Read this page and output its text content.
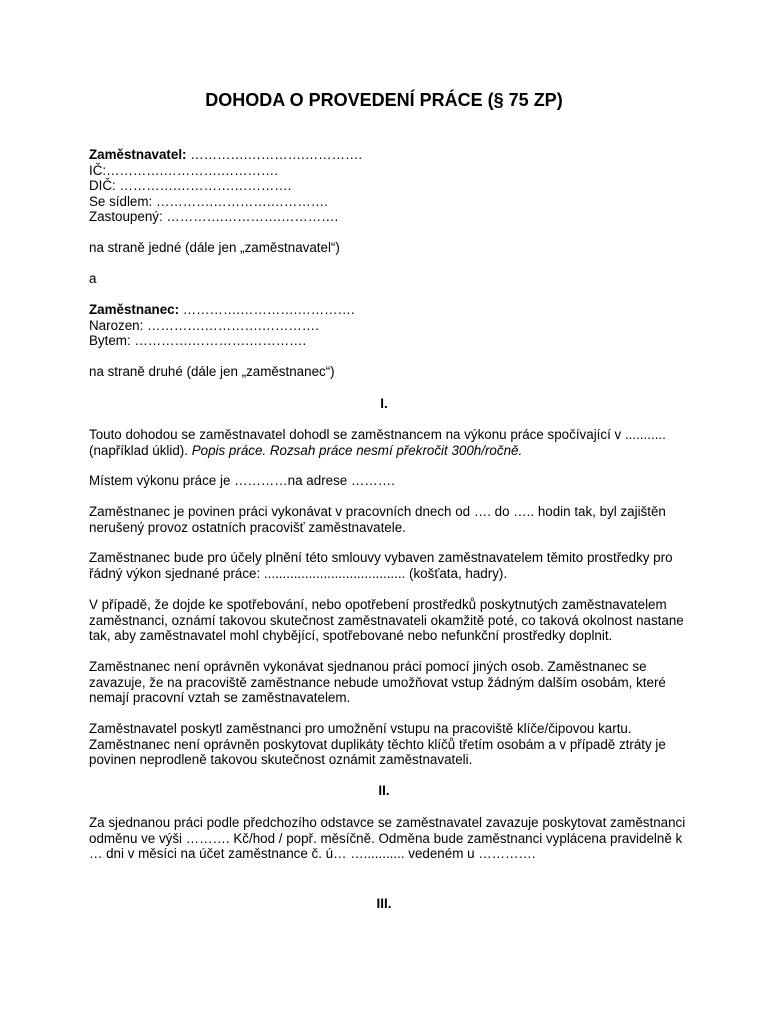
DOHODA O PROVEDENÍ PRÁCE (§ 75 ZP)

Zaměstnavatel: ………….………….………….

IČ:………….………….………….

DIČ: ………….………….………….

Se sídlem: ………….………….………….

Zastoupený: ………….………….………….

na straně jedné (dále jen „zaměstnavatel“)

a

Zaměstnanec: ………….………….………….

Narozen: ………….………….………….

Bytem: ………….………….………….

na straně druhé (dále jen „zaměstnanec“)

I.

Touto dohodou se zaměstnavatel dohodl se zaměstnancem na výkonu práce spočívající v ...........

(například úklid). Popis práce. Rozsah práce nesmí překročit 300h/ročně.

Místem výkonu práce je …………na adrese ……….

Zaměstnanec je povinen práci vykonávat v pracovních dnech od …. do ….. hodin tak, byl zajištěn

nerušený provoz ostatních pracovišť zaměstnavatele.

Zaměstnanec bude pro účely plnění této smlouvy vybaven zaměstnavatelem těmito prostředky pro

řádný výkon sjednané práce: ...................................... (košťata, hadry).

V případě, že dojde ke spotřebování, nebo opotřebení prostředků poskytnutých zaměstnavatelem

zaměstnanci, oznámí takovou skutečnost zaměstnavateli okamžitě poté, co taková okolnost nastane

tak, aby zaměstnavatel mohl chybějící, spotřebované nebo nefunkční prostředky doplnit.

Zaměstnanec není oprávněn vykonávat sjednanou práci pomocí jiných osob. Zaměstnanec se

zavazuje, že na pracoviště zaměstnance nebude umožňovat vstup žádným dalším osobám, které

nemají pracovní vztah se zaměstnavatelem.

Zaměstnavatel poskytl zaměstnanci pro umožnění vstupu na pracoviště klíče/čipovou kartu.

Zaměstnanec není oprávněn poskytovat duplikáty těchto klíčů třetím osobám a v případě ztráty je

povinen neprodleně takovou skutečnost oznámit zaměstnavateli.

II.

Za sjednanou práci podle předchozího odstavce se zaměstnavatel zavazuje poskytovat zaměstnanci

odměnu ve výši ………. Kč/hod / popř. měsíčně. Odměna bude zaměstnanci vyplácena pravidelně k

… dni v měsíci na účet zaměstnance č. ú… …........... vedeném u ………….

III.
